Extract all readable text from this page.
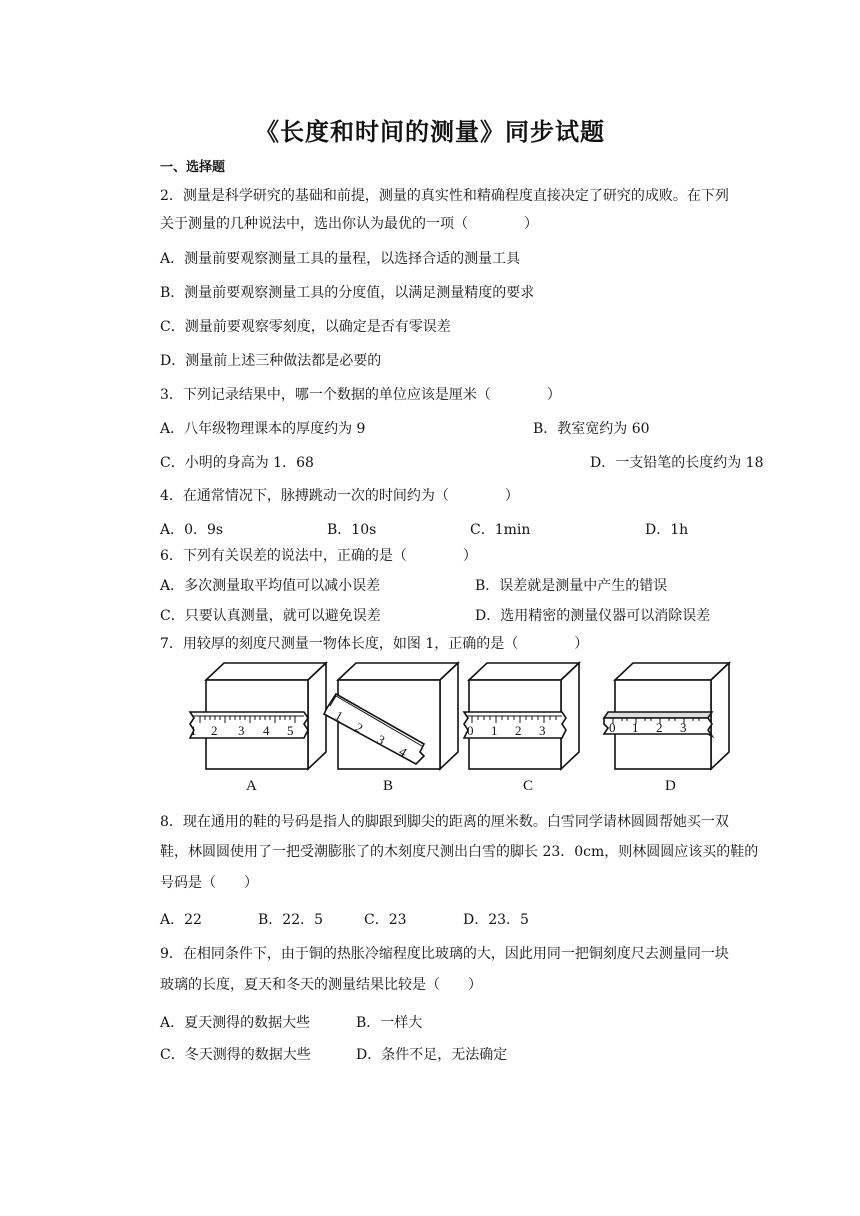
《长度和时间的测量》同步试题
一、选择题
2．测量是科学研究的基础和前提，测量的真实性和精确程度直接决定了研究的成败。在下列
关于测量的几种说法中，选出你认为最优的一项（　　　　）
A．测量前要观察测量工具的量程，以选择合适的测量工具
B．测量前要观察测量工具的分度值，以满足测量精度的要求
C．测量前要观察零刻度，以确定是否有零误差
D．测量前上述三种做法都是必要的
3．下列记录结果中，哪一个数据的单位应该是厘米（　　　　）
A．八年级物理课本的厚度约为 9	B．教室宽约为 60
C．小明的身高为 1．68	D．一支铅笔的长度约为 18
4．在通常情况下，脉搏跳动一次的时间约为（　　　　）
A．0．9s	B．10s	C．1min	D．1h
6．下列有关误差的说法中，正确的是（　　　　）
A．多次测量取平均值可以减小误差	B．误差就是测量中产生的错误
C．只要认真测量，就可以避免误差	D．选用精密的测量仪器可以消除误差
7．用较厚的刻度尺测量一物体长度，如图 1，正确的是（　　　　）
1 2 3 4 5
A
1
2
3
4
B
0 1 2 3
C
0 1 2 3
D
8．现在通用的鞋的号码是指人的脚跟到脚尖的距离的厘米数。白雪同学请林圆圆帮她买一双
鞋，林圆圆使用了一把受潮膨胀了的木刻度尺测出白雪的脚长 23．0cm，则林圆圆应该买的鞋的
号码是（　　）
A．22	B．22．5	C．23	D．23．5
9．在相同条件下，由于铜的热胀冷缩程度比玻璃的大，因此用同一把铜刻度尺去测量同一块
玻璃的长度，夏天和冬天的测量结果比较是（　　）
A．夏天测得的数据大些	B．一样大
C．冬天测得的数据大些	D．条件不足，无法确定
